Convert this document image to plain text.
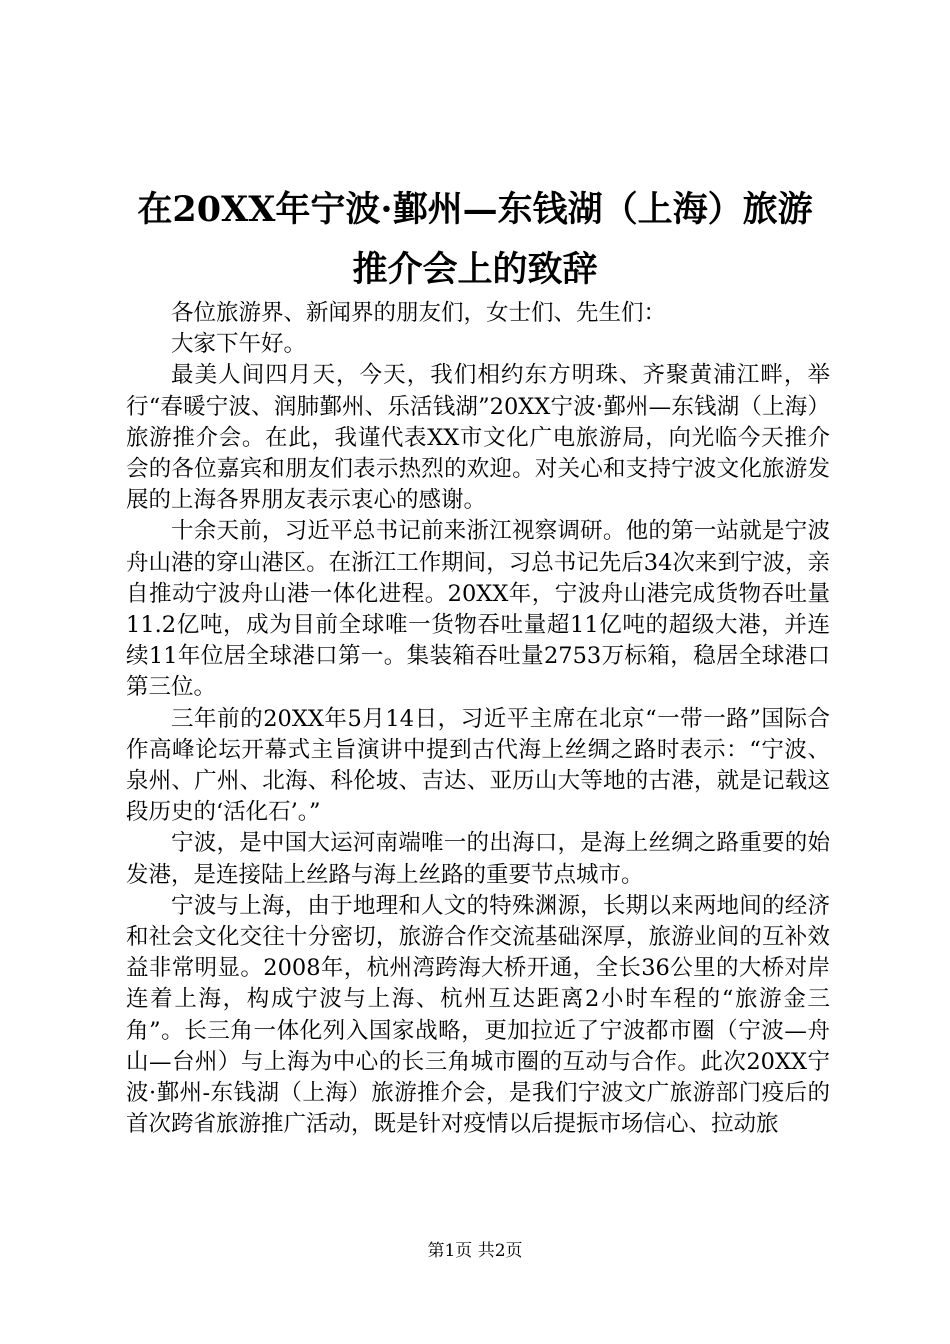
在20XX年宁波·鄞州—东钱湖（上海）旅游
推介会上的致辞

各位旅游界、新闻界的朋友们，女士们、先生们：

大家下午好。

最美人间四月天，今天，我们相约东方明珠、齐聚黄浦江畔，举行“春暖宁波、润肺鄞州、乐活钱湖”20XX宁波·鄞州—东钱湖（上海）旅游推介会。在此，我谨代表XX市文化广电旅游局，向光临今天推介会的各位嘉宾和朋友们表示热烈的欢迎。对关心和支持宁波文化旅游发展的上海各界朋友表示衷心的感谢。

十余天前，习近平总书记前来浙江视察调研。他的第一站就是宁波舟山港的穿山港区。在浙江工作期间，习总书记先后34次来到宁波，亲自推动宁波舟山港一体化进程。20XX年，宁波舟山港完成货物吞吐量11.2亿吨，成为目前全球唯一货物吞吐量超11亿吨的超级大港，并连续11年位居全球港口第一。集装箱吞吐量2753万标箱，稳居全球港口第三位。

三年前的20XX年5月14日，习近平主席在北京“一带一路”国际合作高峰论坛开幕式主旨演讲中提到古代海上丝绸之路时表示：“宁波、泉州、广州、北海、科伦坡、吉达、亚历山大等地的古港，就是记载这段历史的‘活化石’。”

宁波，是中国大运河南端唯一的出海口，是海上丝绸之路重要的始发港，是连接陆上丝路与海上丝路的重要节点城市。

宁波与上海，由于地理和人文的特殊渊源，长期以来两地间的经济和社会文化交往十分密切，旅游合作交流基础深厚，旅游业间的互补效益非常明显。2008年，杭州湾跨海大桥开通，全长36公里的大桥对岸连着上海，构成宁波与上海、杭州互达距离2小时车程的“旅游金三角”。长三角一体化列入国家战略，更加拉近了宁波都市圈（宁波—舟山—台州）与上海为中心的长三角城市圈的互动与合作。此次20XX宁波·鄞州-东钱湖（上海）旅游推介会，是我们宁波文广旅游部门疫后的首次跨省旅游推广活动，既是针对疫情以后提振市场信心、拉动旅

第1页 共2页
